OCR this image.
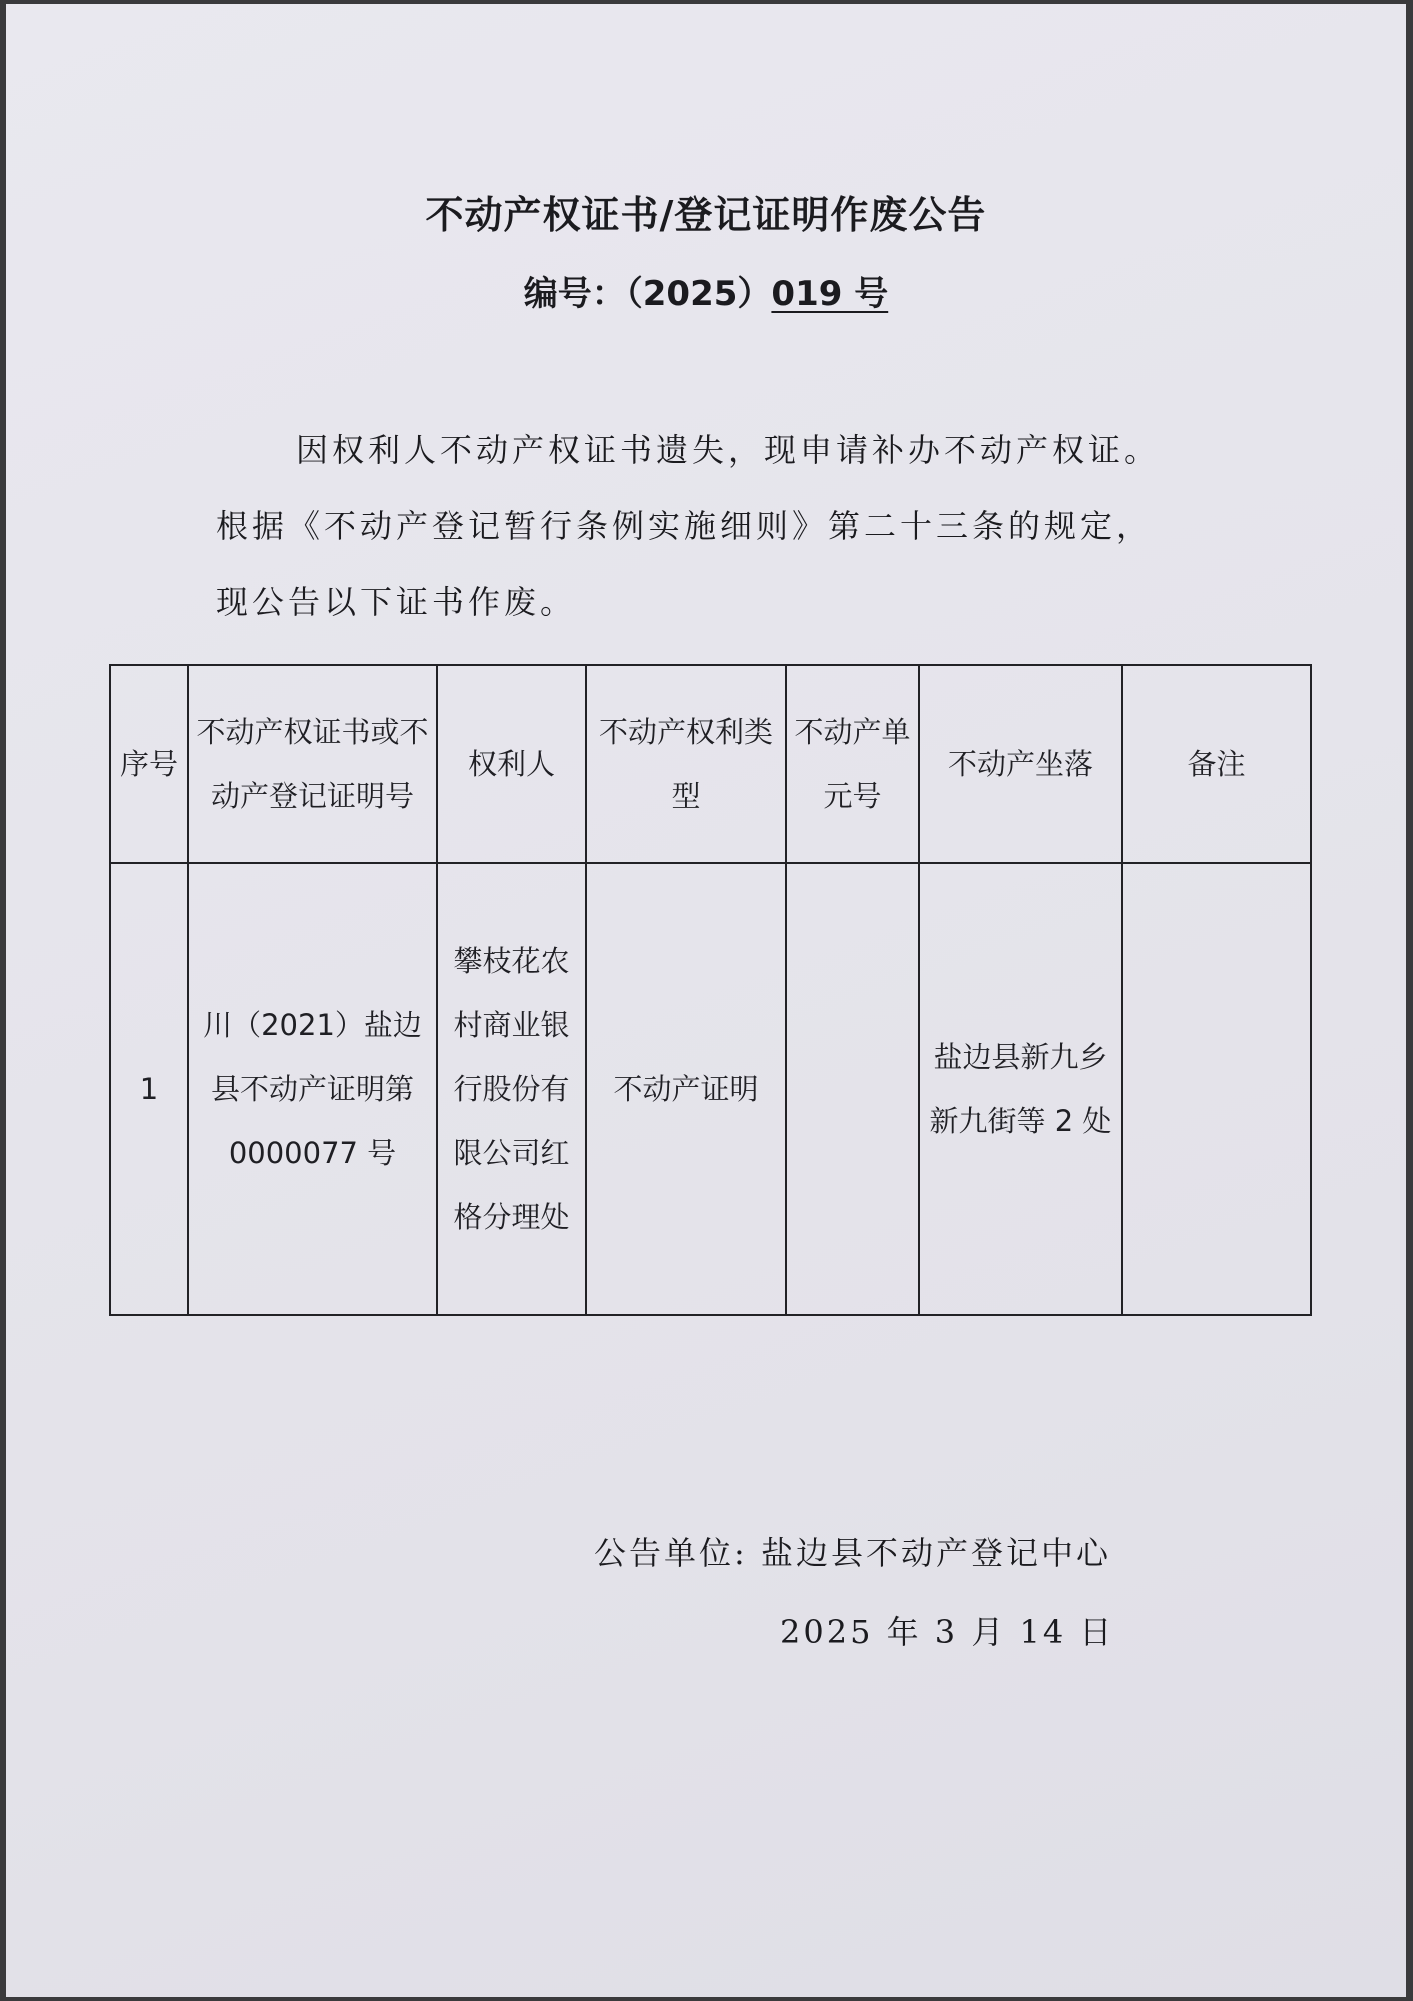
不动产权证书/登记证明作废公告
编号：（2025）019 号

因权利人不动产权证书遗失，现申请补办不动产权证。

根据《不动产登记暂行条例实施细则》第二十三条的规定，

现公告以下证书作废。

序号	不动产权证书或不动产登记证明号	权利人	不动产权利类　型	不动产单元号	不动产坐落	备注
1	川（2021）盐边县不动产证明第 0000077 号	攀枝花农村商业银行股份有限公司红格分理处	不动产证明		盐边县新九乡新九街等 2 处	
公告单位: 盐边县不动产登记中心
2025 年 3 月 14 日
